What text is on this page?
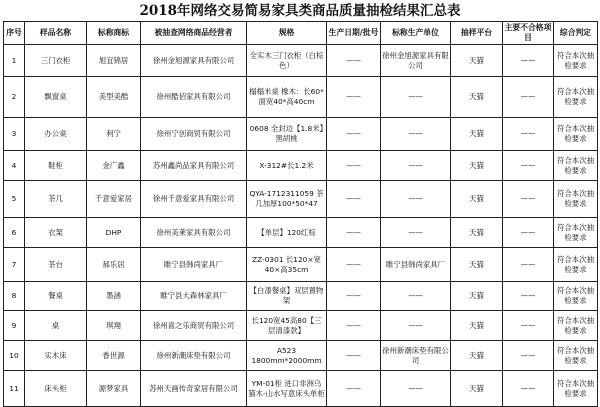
2018年网络交易简易家具类商品质量抽检结果汇总表
序号	样品名称	标称商标	被抽查网络商品经营者	规格	生产日期/批号	标称生产单位	抽样平台	主要不合格项目	综合判定
1	三门衣柜	旭宜锦居	徐州金旭源家具有限公司	全实木三门衣柜（白棕色）	——	徐州金旭源家具有限公司	天猫	——	符合本次抽检要求
2	飘窗桌	美型美酷	徐州酷佰家具有限公司	榻榻米桌 橡木：长60*面宽40*高40cm	——	——	天猫	——	符合本次抽检要求
3	办公桌	利宁	徐州宁创商贸有限公司	0608 全封边【1.8米】黑胡桃	——	——	天猫	——	符合本次抽检要求
4	鞋柜	金广鑫	苏州鑫尚品家具有限公司	X-312#长1.2米	——	——	天猫	——	符合本次抽检要求
5	茶几	千意爱家居	徐州千意爱家具有限公司	QYA-1712311059 茶几加厚100*50*47	——	——	天猫	——	符合本次抽检要求
6	衣架	DHP	徐州美莱家具有限公司	【单层】120红棕	——	——	天猫	——	符合本次抽检要求
7	茶台	郝乐居	睢宁县韩尚家具厂	ZZ-0301 长120×宽40×高35cm	——	睢宁县韩尚家具厂	天猫	——	符合本次抽检要求
8	餐桌	墨涵	睢宁县大森林家具厂	【白漆餐桌】双层置物架	——	——	天猫	——	符合本次抽检要求
9	桌	琪翔	徐州喜之乐商贸有限公司	长120宽45高80【三层清漆款】	——	——	天猫	——	符合本次抽检要求
10	实木床	香世源	徐州新潮床垫有限公司	A523 1800mm*2000mm	——	徐州新潮床垫有限公司	天猫	——	符合本次抽检要求
11	床头柜	源梦家具	苏州天画传奇家居有限公司	YM-01柜 进口非洲乌猫木-山水写意床头单柜	——	——	天猫	——	符合本次抽检要求
